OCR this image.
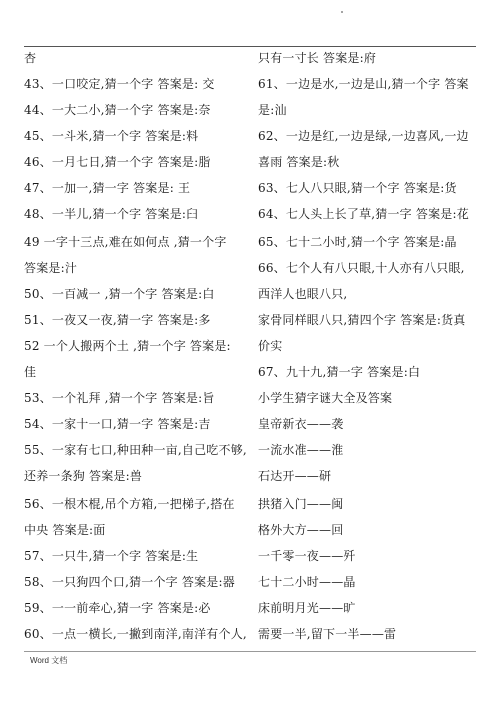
杏
43、一口咬定,猜一个字 答案是: 交
44、一大二小,猜一个字 答案是:奈
45、一斗米,猜一个字 答案是:料
46、一月七日,猜一个字 答案是:脂
47、一加一,猜一字 答案是: 王
48、一半儿,猜一个字 答案是:臼
49 一字十三点,难在如何点 ,猜一个字
答案是:汁
50、一百减一 ,猜一个字 答案是:白
51、一夜又一夜,猜一字 答案是:多
52 一个人搬两个土 ,猜一个字 答案是:
佳
53、一个礼拜 ,猜一个字 答案是:旨
54、一家十一口,猜一字 答案是:吉
55、一家有七口,种田种一亩,自己吃不够,
还养一条狗 答案是:兽
56、一根木棍,吊个方箱,一把梯子,搭在
中央 答案是:面
57、一只牛,猜一个字 答案是:生
58、一只狗四个口,猜一个字 答案是:器
59、一一前牵心,猜一字 答案是:必
60、一点一横长,一撇到南洋,南洋有个人,
只有一寸长 答案是:府
61、一边是水,一边是山,猜一个字 答案
是:汕
62、一边是红,一边是绿,一边喜风,一边
喜雨 答案是:秋
63、七人八只眼,猜一个字 答案是:货
64、七人头上长了草,猜一字 答案是:花
65、七十二小时,猜一个字 答案是:晶
66、七个人有八只眼,十人亦有八只眼,
西洋人也眼八只,
家骨同样眼八只,猜四个字 答案是:货真
价实
67、九十九,猜一字 答案是:白
小学生猜字谜大全及答案
皇帝新衣——袭
一流水准——淮
石达开——研
拱猪入门——闽
格外大方——回
一千零一夜——歼
七十二小时——晶
床前明月光——旷
需要一半,留下一半——雷
Word 文档
